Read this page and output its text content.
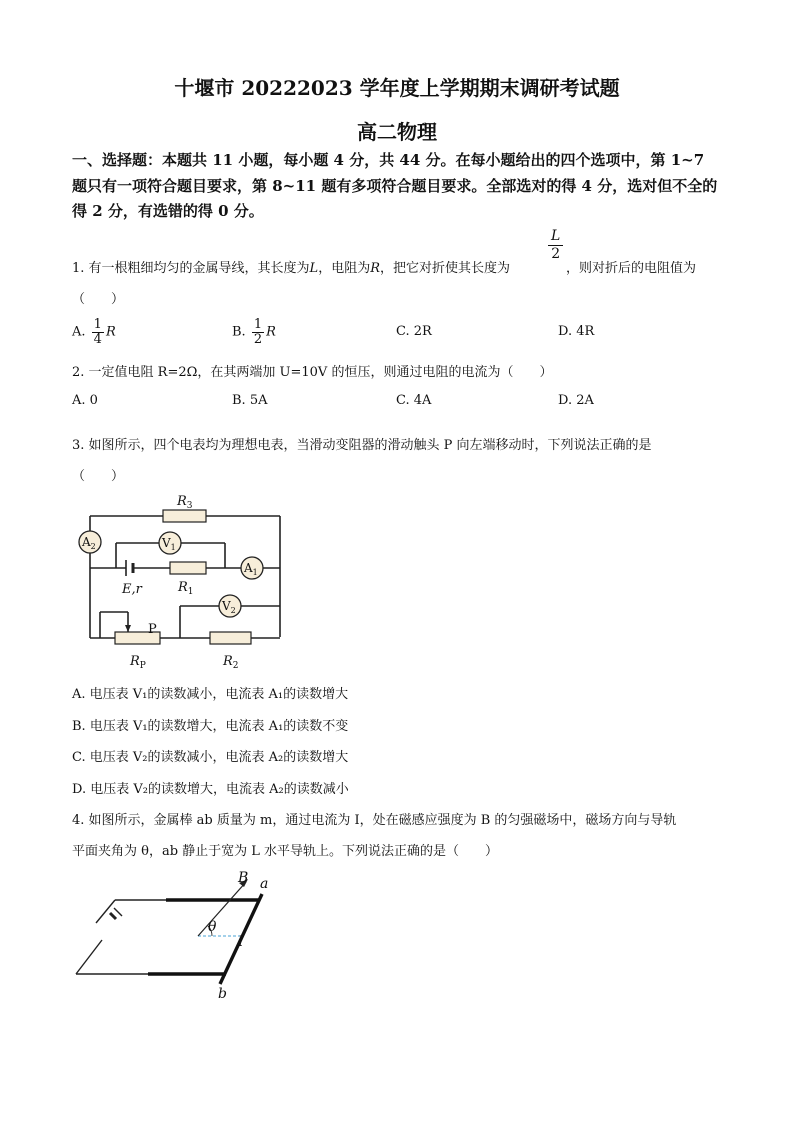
十堰市 20222023 学年度上学期期末调研考试题
高二物理
一、选择题：本题共 11 小题，每小题 4 分，共 44 分。在每小题给出的四个选项中，第 1~7
题只有一项符合题目要求，第 8~11 题有多项符合题目要求。全部选对的得 4 分，选对但不全的
得 2 分，有选错的得 0 分。
1. 有一根粗细均匀的金属导线，其长度为L，电阻为R，把它对折使其长度为
$\frac{L}{2}$
，则对折后的电阻值为
（　　）
A. $\frac{1}{4}$ R	B. $\frac{1}{2}$ R	C. 2R	D. 4R
2. 一定值电阻 R=2Ω，在其两端加 U=10V 的恒压，则通过电阻的电流为（　　）
A. 0	B. 5A	C. 4A	D. 2A
3. 如图所示，四个电表均为理想电表，当滑动变阻器的滑动触头 P 向左端移动时，下列说法正确的是
（　　）
$R_3$
$A_2$	$V_1$
$A_1$
$V_2$
E,r	$R_1$
P
$R_P$	$R_2$
A. 电压表 V₁的读数减小，电流表 A₁的读数增大
B. 电压表 V₁的读数增大，电流表 A₁的读数不变
C. 电压表 V₂的读数减小，电流表 A₂的读数增大
D. 电压表 V₂的读数增大，电流表 A₂的读数减小
4. 如图所示，金属棒 ab 质量为 m，通过电流为 I，处在磁感应强度为 B 的匀强磁场中，磁场方向与导轨
平面夹角为 θ，ab 静止于宽为 L 水平导轨上。下列说法正确的是（　　）
B a
θ
I
b
